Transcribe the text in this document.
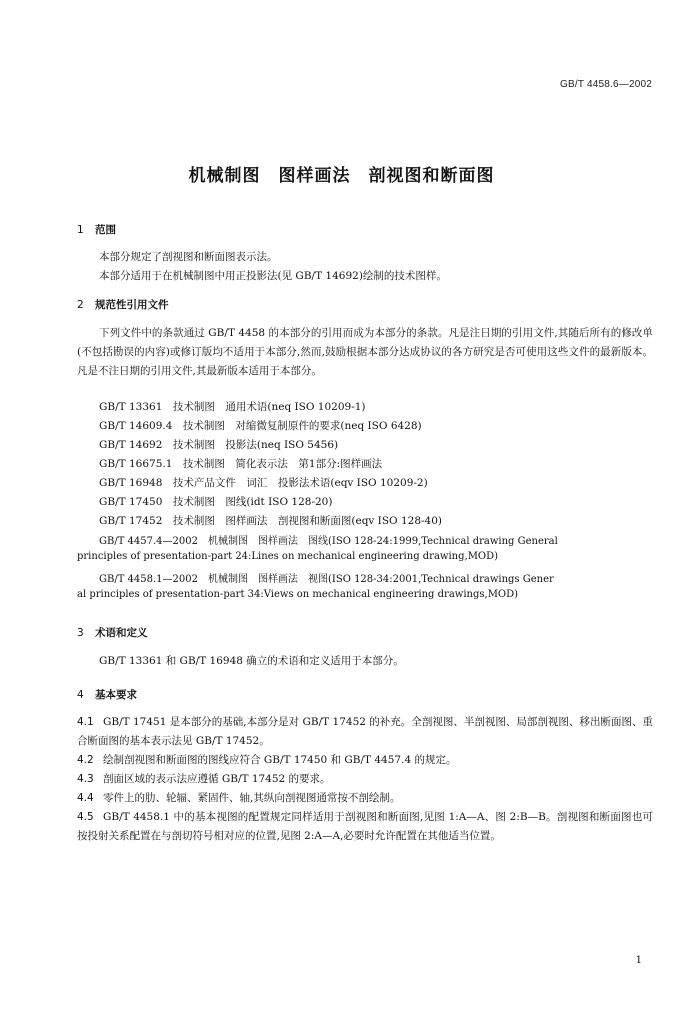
GB/T 4458.6—2002
机械制图　图样画法　剖视图和断面图
1 范围
本部分规定了剖视图和断面图表示法。
本部分适用于在机械制图中用正投影法(见 GB/T 14692)绘制的技术图样。
2 规范性引用文件
下列文件中的条款通过 GB/T 4458 的本部分的引用而成为本部分的条款。凡是注日期的引用文件,其随后所有的修改单(不包括勘误的内容)或修订版均不适用于本部分,然而,鼓励根据本部分达成协议的各方研究是否可使用这些文件的最新版本。凡是不注日期的引用文件,其最新版本适用于本部分。
GB/T 13361　技术制图　通用术语(neq ISO 10209-1)
GB/T 14609.4　技术制图　对缩微复制原件的要求(neq ISO 6428)
GB/T 14692　技术制图　投影法(neq ISO 5456)
GB/T 16675.1　技术制图　简化表示法　第1部分:图样画法
GB/T 16948　技术产品文件　词汇　投影法术语(eqv ISO 10209-2)
GB/T 17450　技术制图　图线(idt ISO 128-20)
GB/T 17452　技术制图　图样画法　剖视图和断面图(eqv ISO 128-40)
GB/T 4457.4—2002　机械制图　图样画法　图线(ISO 128-24:1999,Technical drawing General
principles of presentation-part 24:Lines on mechanical engineering drawing,MOD)
GB/T 4458.1—2002　机械制图　图样画法　视图(ISO 128-34:2001,Technical drawings Gener
al principles of presentation-part 34:Views on mechanical engineering drawings,MOD)
3 术语和定义
GB/T 13361 和 GB/T 16948 确立的术语和定义适用于本部分。
4 基本要求
4.1 GB/T 17451 是本部分的基础,本部分是对 GB/T 17452 的补充。全剖视图、半剖视图、局部剖视图、移出断面图、重合断面图的基本表示法见 GB/T 17452。
4.2 绘制剖视图和断面图的图线应符合 GB/T 17450 和 GB/T 4457.4 的规定。
4.3 剖面区域的表示法应遵循 GB/T 17452 的要求。
4.4 零件上的肋、轮辐、紧固件、轴,其纵向剖视图通常按不剖绘制。
4.5 GB/T 4458.1 中的基本视图的配置规定同样适用于剖视图和断面图,见图 1:A—A、图 2:B—B。剖视图和断面图也可按投射关系配置在与剖切符号相对应的位置,见图 2:A—A,必要时允许配置在其他适当位置。
1
